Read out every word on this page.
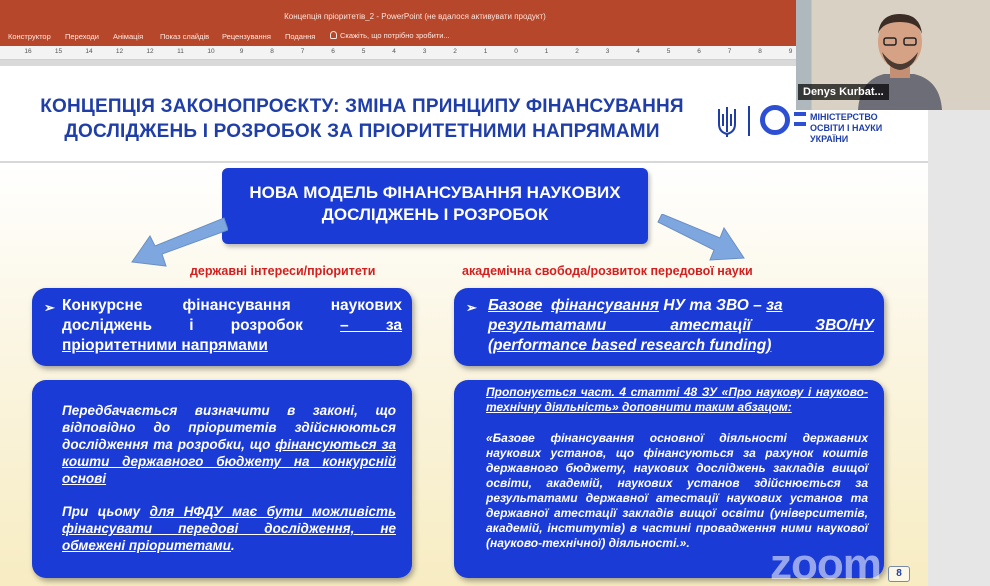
Концепція пріоритетів_2 - PowerPoint (не вдалося активувати продукт)
Конструктор Переходи Анімація Показ слайдів Рецензування Подання	Скажіть, що потрібно зробити...
16	15	14	12	12	11	10	9	8	7	6	5	4	3	2	1	0	1	2	3	4	5	6	7	8	9
КОНЦЕПЦІЯ ЗАКОНОПРОЄКТУ: ЗМІНА ПРИНЦИПУ ФІНАНСУВАННЯ
ДОСЛІДЖЕНЬ І РОЗРОБОК ЗА ПРІОРИТЕТНИМИ НАПРЯМАМИ
МІНІСТЕРСТВО
ОСВІТИ І НАУКИ
УКРАЇНИ
НОВА МОДЕЛЬ ФІНАНСУВАННЯ НАУКОВИХ
ДОСЛІДЖЕНЬ І РОЗРОБОК
державні інтереси/пріоритети	академічна свобода/розвиток передової науки
➢ Конкурсне фінансування наукових
досліджень і розробок – за
пріоритетними напрямами
➢ Базове фінансування НУ та ЗВО – за
результатами атестації ЗВО/НУ
(performance based research funding)

Передбачається визначити в законі, що відповідно до пріоритетів здійснюються дослідження та розробки, що фінансуються за кошти державного бюджету на конкурсній основі

При цьому для НФДУ має бути можливість фінансувати передові дослідження, не обмежені пріоритетами.

Пропонується част. 4 статті 48 ЗУ «Про наукову і науково-технічну діяльність» доповнити таким абзацом:

«Базове фінансування основної діяльності державних наукових установ, що фінансуються за рахунок коштів державного бюджету, наукових досліджень закладів вищої освіти, академій, наукових установ здійснюється за результатами державної атестації наукових установ та державної атестації закладів вищої освіти (університетів, академій, інститутів) в частині провадження ними наукової (науково-технічної) діяльності.».

Denys Kurbat...
zoom	8
